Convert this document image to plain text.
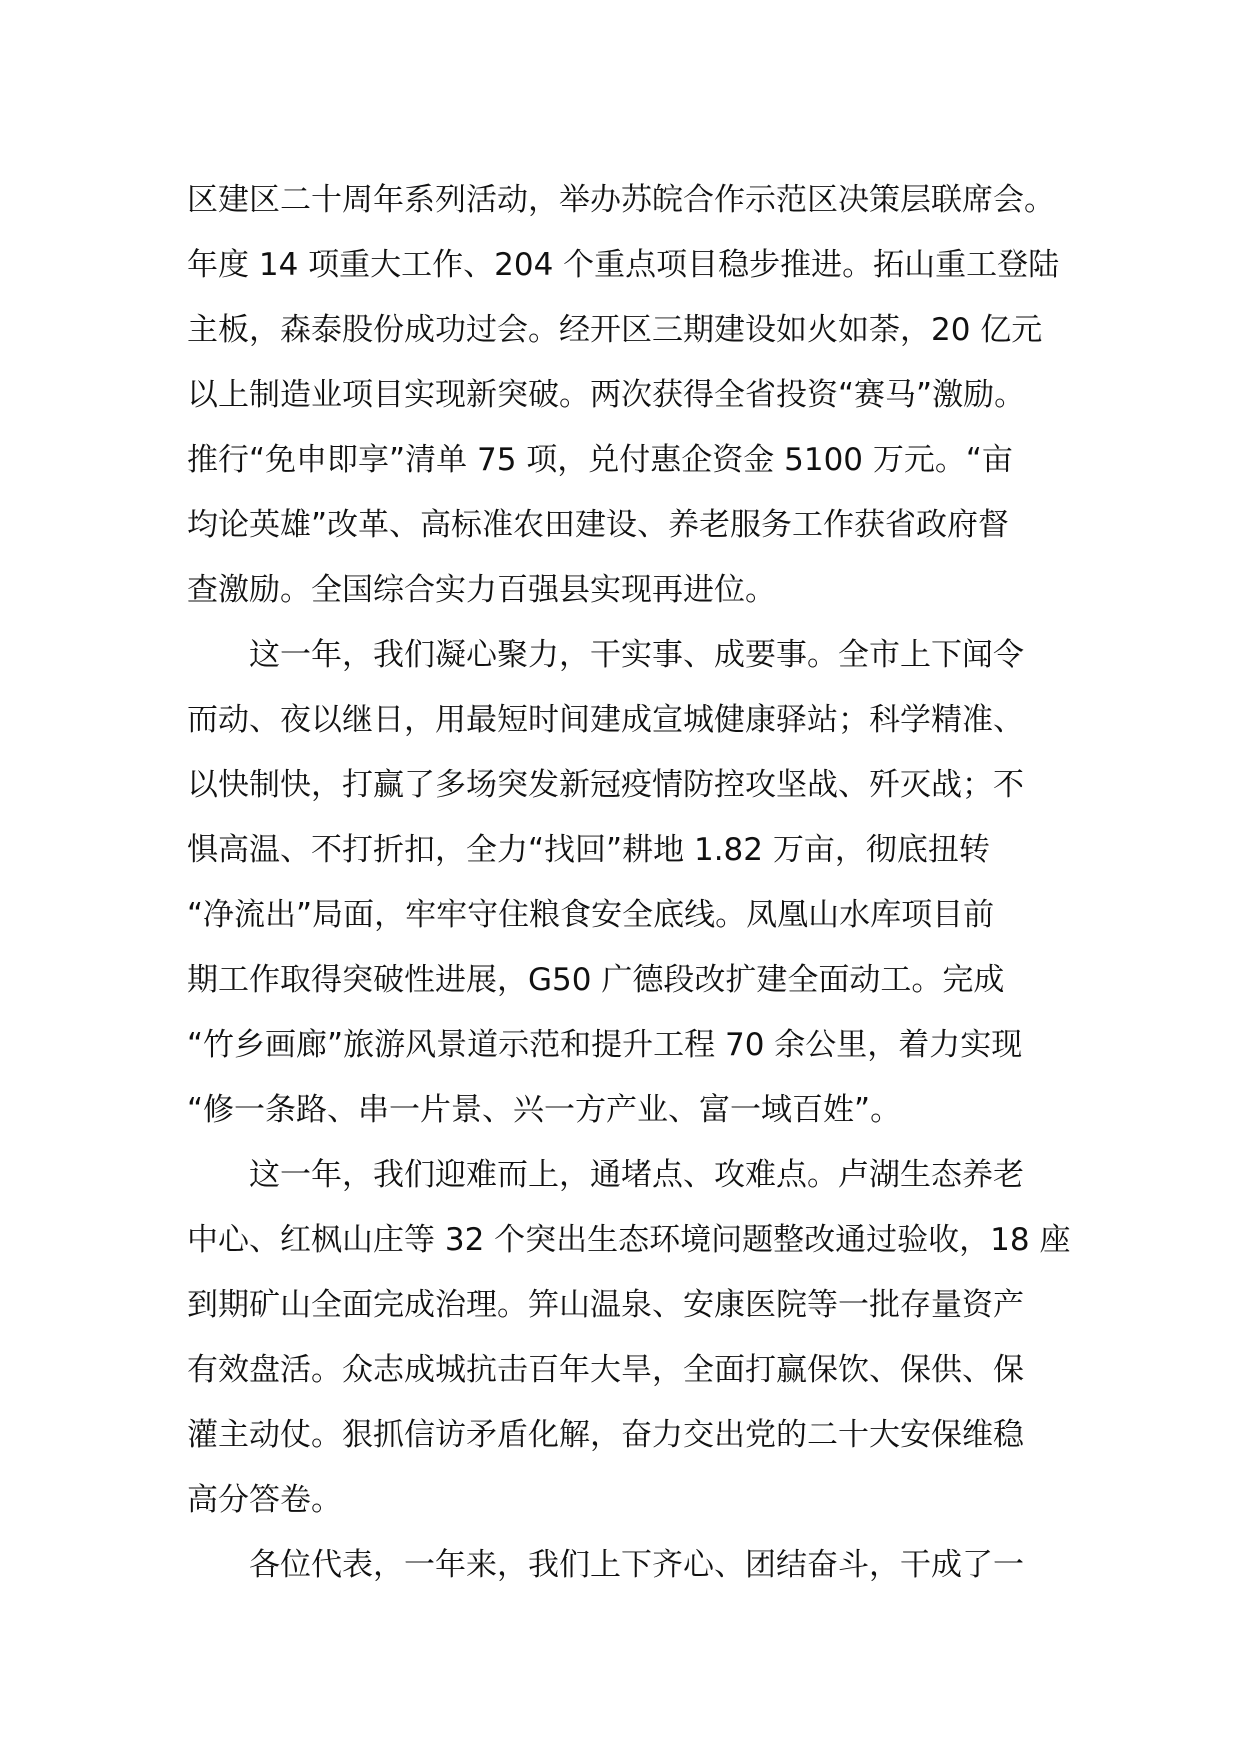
区建区二十周年系列活动，举办苏皖合作示范区决策层联席会。
年度 14 项重大工作、204 个重点项目稳步推进。拓山重工登陆
主板，森泰股份成功过会。经开区三期建设如火如荼，20 亿元
以上制造业项目实现新突破。两次获得全省投资“赛马”激励。
推行“免申即享”清单 75 项，兑付惠企资金 5100 万元。“亩
均论英雄”改革、高标准农田建设、养老服务工作获省政府督
查激励。全国综合实力百强县实现再进位。
这一年，我们凝心聚力，干实事、成要事。全市上下闻令
而动、夜以继日，用最短时间建成宣城健康驿站；科学精准、
以快制快，打赢了多场突发新冠疫情防控攻坚战、歼灭战；不
惧高温、不打折扣，全力“找回”耕地 1.82 万亩，彻底扭转
“净流出”局面，牢牢守住粮食安全底线。凤凰山水库项目前
期工作取得突破性进展，G50 广德段改扩建全面动工。完成
“竹乡画廊”旅游风景道示范和提升工程 70 余公里，着力实现
“修一条路、串一片景、兴一方产业、富一域百姓”。
这一年，我们迎难而上，通堵点、攻难点。卢湖生态养老
中心、红枫山庄等 32 个突出生态环境问题整改通过验收，18 座
到期矿山全面完成治理。笄山温泉、安康医院等一批存量资产
有效盘活。众志成城抗击百年大旱，全面打赢保饮、保供、保
灌主动仗。狠抓信访矛盾化解，奋力交出党的二十大安保维稳
高分答卷。
各位代表，一年来，我们上下齐心、团结奋斗，干成了一
